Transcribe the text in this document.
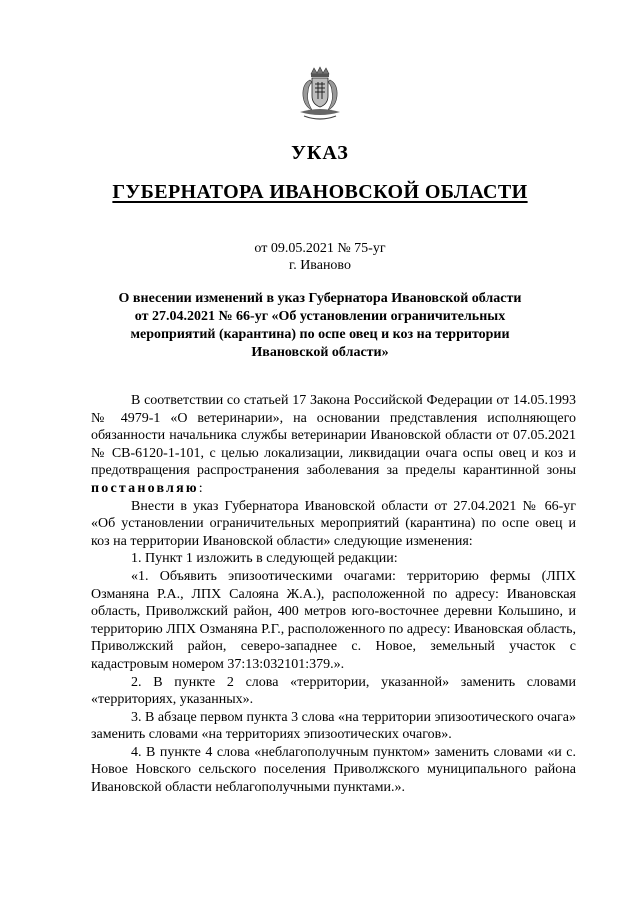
УКАЗ
ГУБЕРНАТОРА ИВАНОВСКОЙ ОБЛАСТИ
от 09.05.2021 № 75-уг
г. Иваново
О внесении изменений в указ Губернатора Ивановской области
от 27.04.2021 № 66-уг «Об установлении ограничительных
мероприятий (карантина) по оспе овец и коз на территории
Ивановской области»

В соответствии со статьей 17 Закона Российской Федерации от 14.05.1993 № 4979-1 «О ветеринарии», на основании представления исполняющего обязанности начальника службы ветеринарии Ивановской области от 07.05.2021 № СВ-6120-1-101, с целью локализации, ликвидации очага оспы овец и коз и предотвращения распространения заболевания за пределы карантинной зоны постановляю:

Внести в указ Губернатора Ивановской области от 27.04.2021 № 66-уг «Об установлении ограничительных мероприятий (карантина) по оспе овец и коз на территории Ивановской области» следующие изменения:

1. Пункт 1 изложить в следующей редакции:

«1. Объявить эпизоотическими очагами: территорию фермы (ЛПХ Озманяна Р.А., ЛПХ Салояна Ж.А.), расположенной по адресу: Ивановская область, Приволжский район, 400 метров юго-восточнее деревни Кольшино, и территорию ЛПХ Озманяна Р.Г., расположенного по адресу: Ивановская область, Приволжский район, северо-западнее с. Новое, земельный участок с кадастровым номером 37:13:032101:379.».

2. В пункте 2 слова «территории, указанной» заменить словами «территориях, указанных».

3. В абзаце первом пункта 3 слова «на территории эпизоотического очага» заменить словами «на территориях эпизоотических очагов».

4. В пункте 4 слова «неблагополучным пунктом» заменить словами «и с. Новое Новского сельского поселения Приволжского муниципального района Ивановской области неблагополучными пунктами.».
